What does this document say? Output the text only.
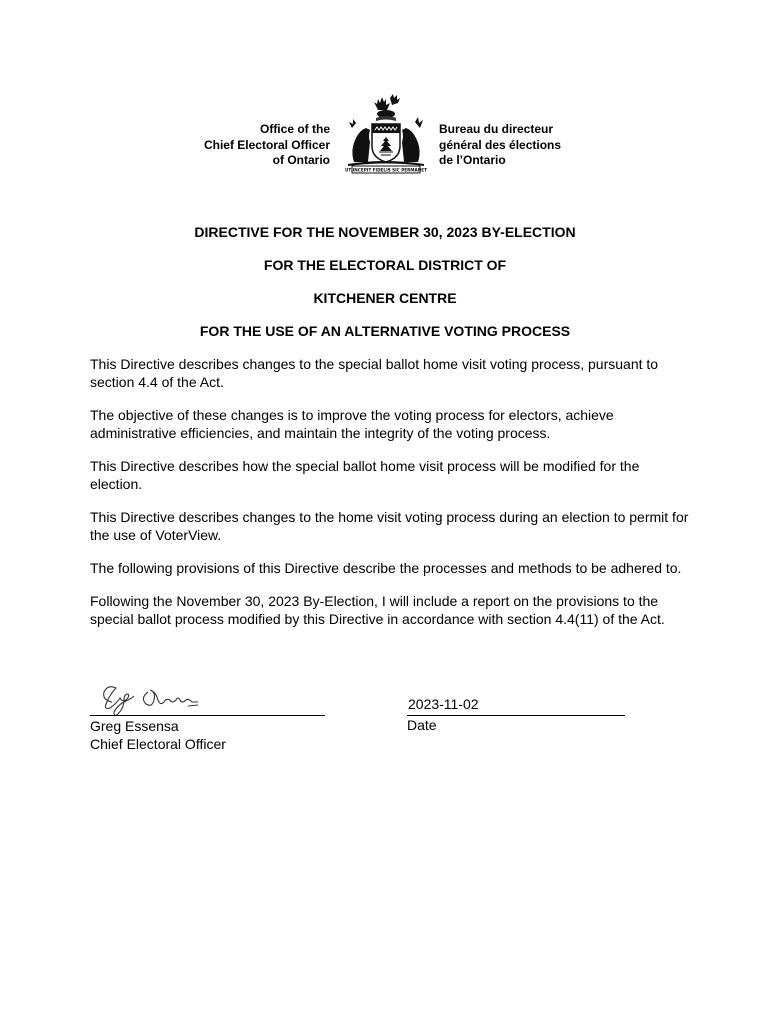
Office of the
Chief Electoral Officer
of Ontario
UT INCEPIT FIDELIS SIC PERMANET
Bureau du directeur
général des élections
de l’Ontario
DIRECTIVE FOR THE NOVEMBER 30, 2023 BY-ELECTION
FOR THE ELECTORAL DISTRICT OF
KITCHENER CENTRE
FOR THE USE OF AN ALTERNATIVE VOTING PROCESS

This Directive describes changes to the special ballot home visit voting process, pursuant to section 4.4 of the Act.

The objective of these changes is to improve the voting process for electors, achieve administrative efficiencies, and maintain the integrity of the voting process.

This Directive describes how the special ballot home visit process will be modified for the election.

This Directive describes changes to the home visit voting process during an election to permit for the use of VoterView.

The following provisions of this Directive describe the processes and methods to be adhered to.

Following the November 30, 2023 By-Election, I will include a report on the provisions to the special ballot process modified by this Directive in accordance with section 4.4(11) of the Act.

2023-11-02
Greg Essensa
Chief Electoral Officer
Date
